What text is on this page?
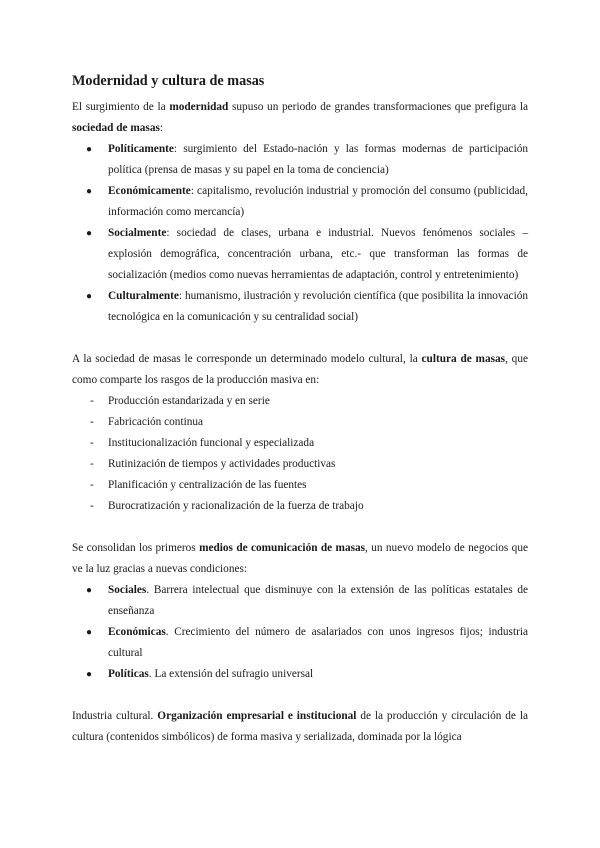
Modernidad y cultura de masas

El surgimiento de la modernidad supuso un periodo de grandes transformaciones que prefigura la sociedad de masas:

● Políticamente: surgimiento del Estado-nación y las formas modernas de participación política (prensa de masas y su papel en la toma de conciencia)
● Económicamente: capitalismo, revolución industrial y promoción del consumo (publicidad, información como mercancía)
● Socialmente: sociedad de clases, urbana e industrial. Nuevos fenómenos sociales –explosión demográfica, concentración urbana, etc.- que transforman las formas de socialización (medios como nuevas herramientas de adaptación, control y entretenimiento)
● Culturalmente: humanismo, ilustración y revolución científica (que posibilita la innovación tecnológica en la comunicación y su centralidad social)

A la sociedad de masas le corresponde un determinado modelo cultural, la cultura de masas, que como comparte los rasgos de la producción masiva en:

- Producción estandarizada y en serie
- Fabricación continua
- Institucionalización funcional y especializada
- Rutinización de tiempos y actividades productivas
- Planificación y centralización de las fuentes
- Burocratización y racionalización de la fuerza de trabajo

Se consolidan los primeros medios de comunicación de masas, un nuevo modelo de negocios que ve la luz gracias a nuevas condiciones:

● Sociales. Barrera intelectual que disminuye con la extensión de las políticas estatales de enseñanza
● Económicas. Crecimiento del número de asalariados con unos ingresos fijos; industria cultural
● Políticas. La extensión del sufragio universal

Industria cultural. Organización empresarial e institucional de la producción y circulación de la cultura (contenidos simbólicos) de forma masiva y serializada, dominada por la lógica
